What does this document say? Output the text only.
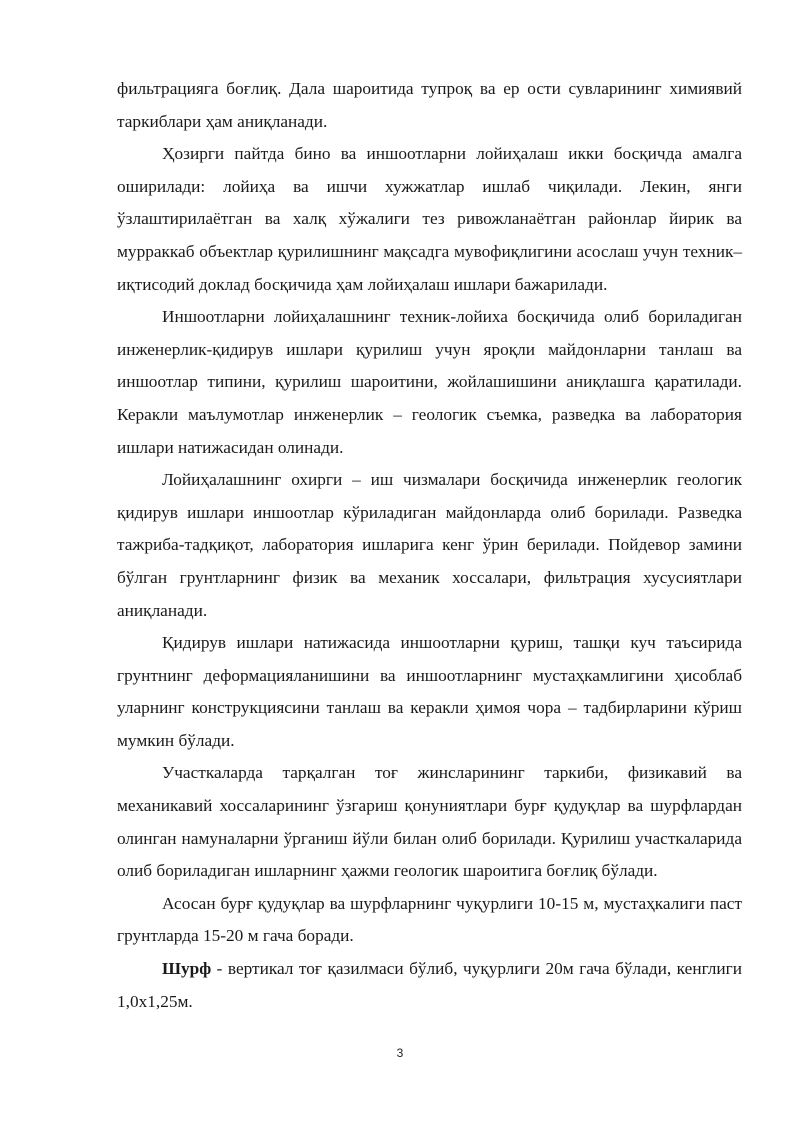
фильтрацияга боғлиқ. Дала шароитида тупроқ ва ер ости сувларининг химиявий таркиблари ҳам аниқланади.

Ҳозирги пайтда бино ва иншоотларни лойиҳалаш икки босқичда амалга оширилади: лойиҳа ва ишчи хужжатлар ишлаб чиқилади. Лекин, янги ўзлаштирилаётган ва халқ хўжалиги тез ривожланаётган районлар йирик ва мурраккаб объектлар қурилишнинг мақсадга мувофиқлигини асослаш учун техник–иқтисодий доклад босқичида ҳам лойиҳалаш ишлари бажарилади.

Иншоотларни лойиҳалашнинг техник-лойиха босқичида олиб бориладиган инженерлик-қидирув ишлари қурилиш учун яроқли майдонларни танлаш ва иншоотлар типини, қурилиш шароитини, жойлашишини аниқлашга қаратилади. Керакли маълумотлар инженерлик – геологик съемка, разведка ва лаборатория ишлари натижасидан олинади.

Лойиҳалашнинг охирги – иш чизмалари босқичида инженерлик геологик қидирув ишлари иншоотлар кўриладиган майдонларда олиб борилади. Разведка тажриба-тадқиқот, лаборатория ишларига кенг ўрин берилади. Пойдевор замини бўлган грунтларнинг физик ва механик хоссалари, фильтрация хусусиятлари аниқланади.

Қидирув ишлари натижасида иншоотларни қуриш, ташқи куч таъсирида грунтнинг деформацияланишини ва иншоотларнинг мустаҳкамлигини ҳисоблаб уларнинг конструкциясини танлаш ва керакли ҳимоя чора – тадбирларини кўриш мумкин бўлади.

Участкаларда тарқалган тоғ жинсларининг таркиби, физикавий ва механикавий хоссаларининг ўзгариш қонуниятлари бурғ қудуқлар ва шурфлардан олинган намуналарни ўрганиш йўли билан олиб борилади. Қурилиш участкаларида олиб бориладиган ишларнинг ҳажми геологик шароитига боғлиқ бўлади.

Асосан бурғ қудуқлар ва шурфларнинг чуқурлиги 10-15 м, мустаҳкалиги паст грунтларда 15-20 м гача боради.

Шурф - вертикал тоғ қазилмаси бўлиб, чуқурлиги 20м гача бўлади, кенглиги 1,0х1,25м.

3
